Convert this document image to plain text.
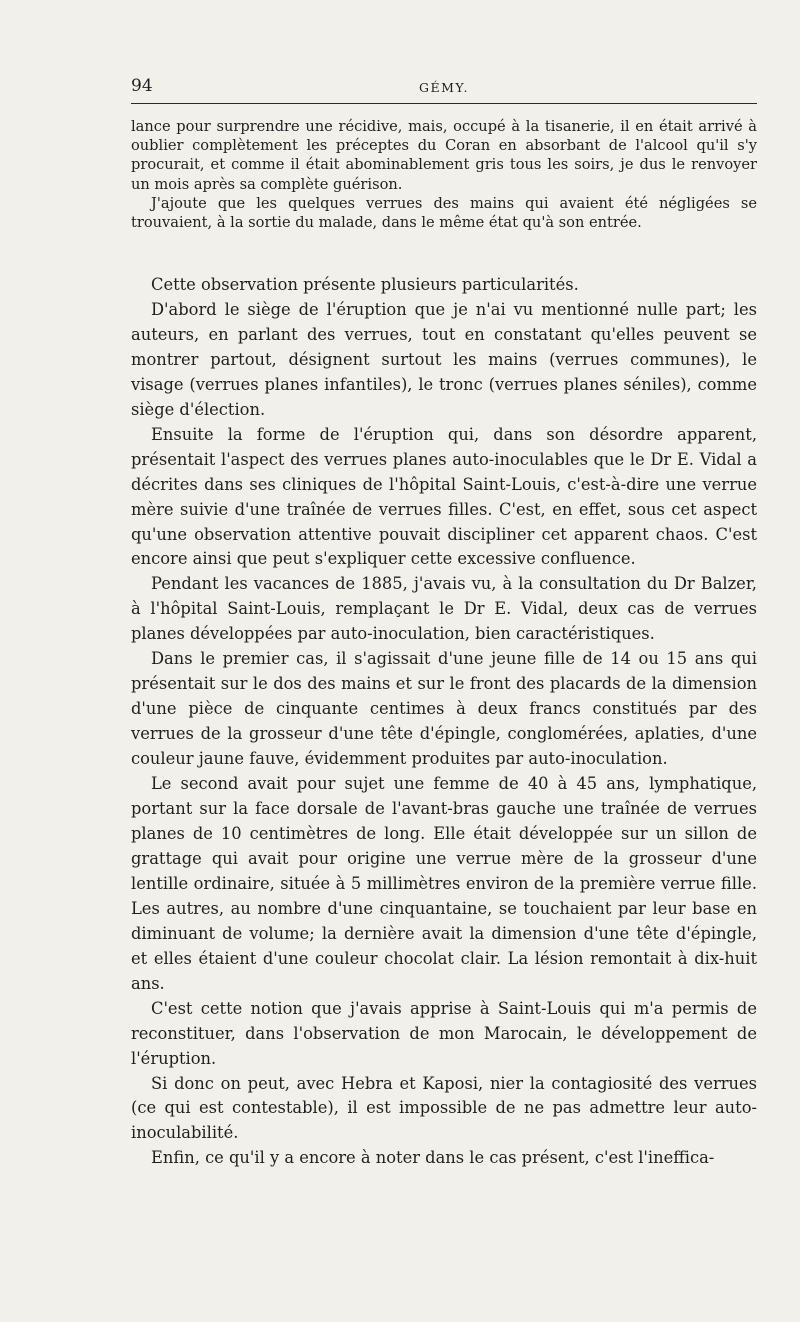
94	GÉMY.

lance pour surprendre une récidive, mais, occupé à la tisanerie, il en était arrivé à oublier complètement les préceptes du Coran en absorbant de l'alcool qu'il s'y procurait, et comme il était abominablement gris tous les soirs, je dus le renvoyer un mois après sa complète guérison.

J'ajoute que les quelques verrues des mains qui avaient été négligées se trouvaient, à la sortie du malade, dans le même état qu'à son entrée.

Cette observation présente plusieurs particularités.

D'abord le siège de l'éruption que je n'ai vu mentionné nulle part; les auteurs, en parlant des verrues, tout en constatant qu'elles peuvent se montrer partout, désignent surtout les mains (verrues communes), le visage (verrues planes infantiles), le tronc (verrues planes séniles), comme siège d'élection.

Ensuite la forme de l'éruption qui, dans son désordre apparent, présentait l'aspect des verrues planes auto-inoculables que le Dr E. Vidal a décrites dans ses cliniques de l'hôpital Saint-Louis, c'est-à-dire une verrue mère suivie d'une traînée de verrues filles. C'est, en effet, sous cet aspect qu'une observation attentive pouvait discipliner cet apparent chaos. C'est encore ainsi que peut s'expliquer cette excessive confluence.

Pendant les vacances de 1885, j'avais vu, à la consultation du Dr Balzer, à l'hôpital Saint-Louis, remplaçant le Dr E. Vidal, deux cas de verrues planes développées par auto-inoculation, bien caractéristiques.

Dans le premier cas, il s'agissait d'une jeune fille de 14 ou 15 ans qui présentait sur le dos des mains et sur le front des placards de la dimension d'une pièce de cinquante centimes à deux francs constitués par des verrues de la grosseur d'une tête d'épingle, conglomérées, aplaties, d'une couleur jaune fauve, évidemment produites par auto-inoculation.

Le second avait pour sujet une femme de 40 à 45 ans, lymphatique, portant sur la face dorsale de l'avant-bras gauche une traînée de verrues planes de 10 centimètres de long. Elle était développée sur un sillon de grattage qui avait pour origine une verrue mère de la grosseur d'une lentille ordinaire, située à 5 millimètres environ de la première verrue fille. Les autres, au nombre d'une cinquantaine, se touchaient par leur base en diminuant de volume; la dernière avait la dimension d'une tête d'épingle, et elles étaient d'une couleur chocolat clair. La lésion remontait à dix-huit ans.

C'est cette notion que j'avais apprise à Saint-Louis qui m'a permis de reconstituer, dans l'observation de mon Marocain, le développement de l'éruption.

Si donc on peut, avec Hebra et Kaposi, nier la contagiosité des verrues (ce qui est contestable), il est impossible de ne pas admettre leur auto-inoculabilité.

Enfin, ce qu'il y a encore à noter dans le cas présent, c'est l'ineffica-
